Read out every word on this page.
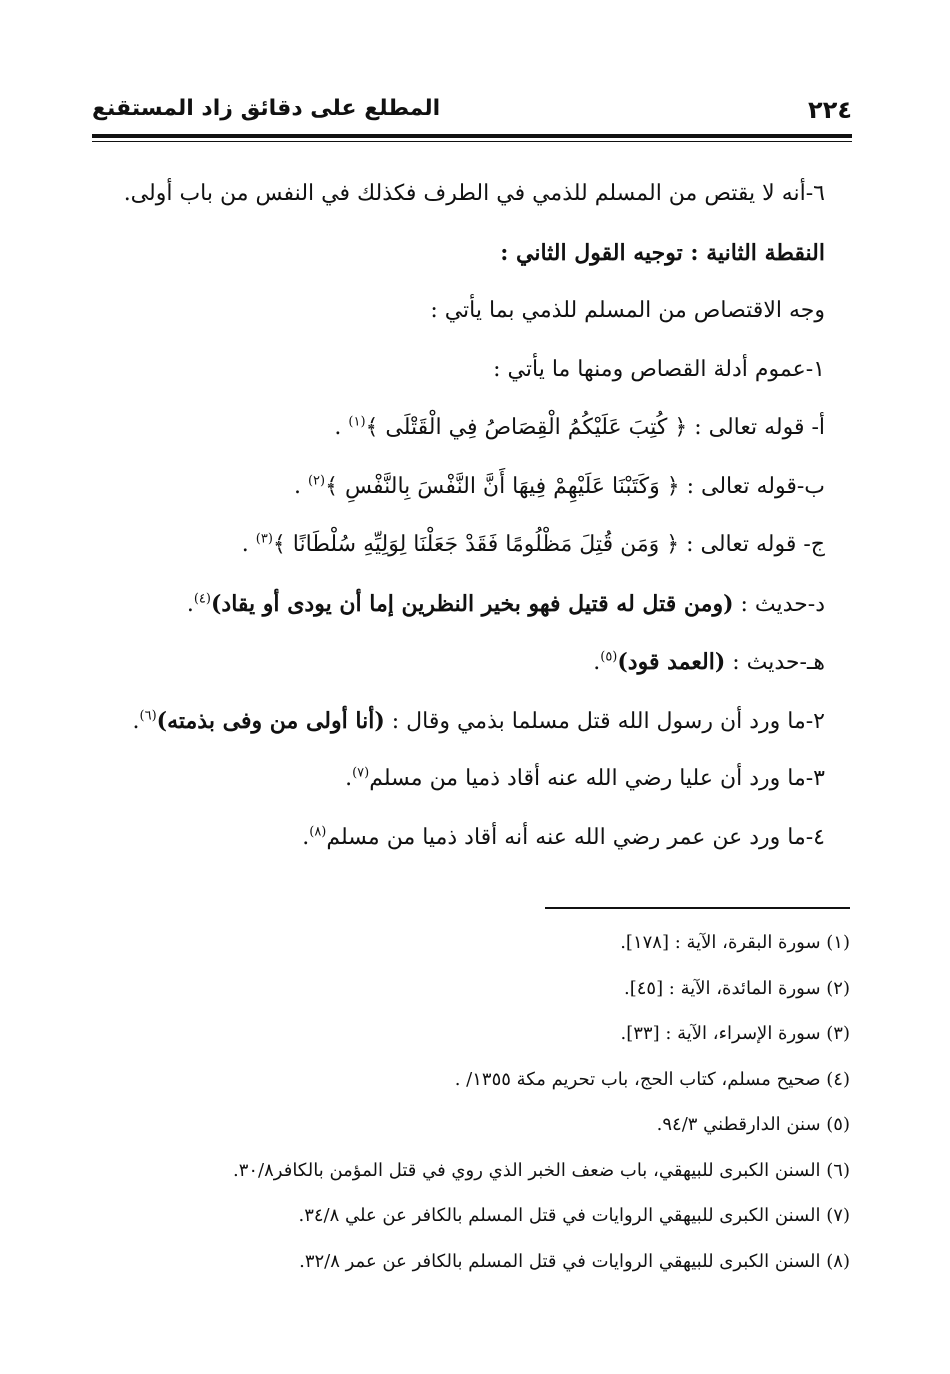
٢٢٤
المطلع على دقائق زاد المستقنع
٦-أنه لا يقتص من المسلم للذمي في الطرف فكذلك في النفس من باب أولى.
النقطة الثانية : توجيه القول الثاني :
وجه الاقتصاص من المسلم للذمي بما يأتي :
١-عموم أدلة القصاص ومنها ما يأتي :
أ- قوله تعالى : ﴿ كُتِبَ عَلَيْكُمُ الْقِصَاصُ فِي الْقَتْلَى ﴾$^{(١)}$ .
ب-قوله تعالى : ﴿ وَكَتَبْنَا عَلَيْهِمْ فِيهَا أَنَّ النَّفْسَ بِالنَّفْسِ ﴾$^{(٢)}$ .
ج- قوله تعالى : ﴿ وَمَن قُتِلَ مَظْلُومًا فَقَدْ جَعَلْنَا لِوَلِيِّهِ سُلْطَانًا ﴾$^{(٣)}$ .
د-حديث : (ومن قتل له قتيل فهو بخير النظرين إما أن يودى أو يقاد)$^{(٤)}$.
هـ-حديث : (العمد قود)$^{(٥)}$.
٢-ما ورد أن رسول الله قتل مسلما بذمي وقال : (أنا أولى من وفى بذمته)$^{(٦)}$.
٣-ما ورد أن عليا رضي الله عنه أقاد ذميا من مسلم$^{(٧)}$.
٤-ما ورد عن عمر رضي الله عنه أنه أقاد ذميا من مسلم$^{(٨)}$.
(١) سورة البقرة، الآية : [١٧٨].
(٢) سورة المائدة، الآية : [٤٥].
(٣) سورة الإسراء، الآية : [٣٣].
(٤) صحيح مسلم، كتاب الحج، باب تحريم مكة ١٣٥٥/ .
(٥) سنن الدارقطني ٩٤/٣.
(٦) السنن الكبرى للبيهقي، باب ضعف الخبر الذي روي في قتل المؤمن بالكافر٣٠/٨.
(٧) السنن الكبرى للبيهقي الروايات في قتل المسلم بالكافر عن علي ٣٤/٨.
(٨) السنن الكبرى للبيهقي الروايات في قتل المسلم بالكافر عن عمر ٣٢/٨.
